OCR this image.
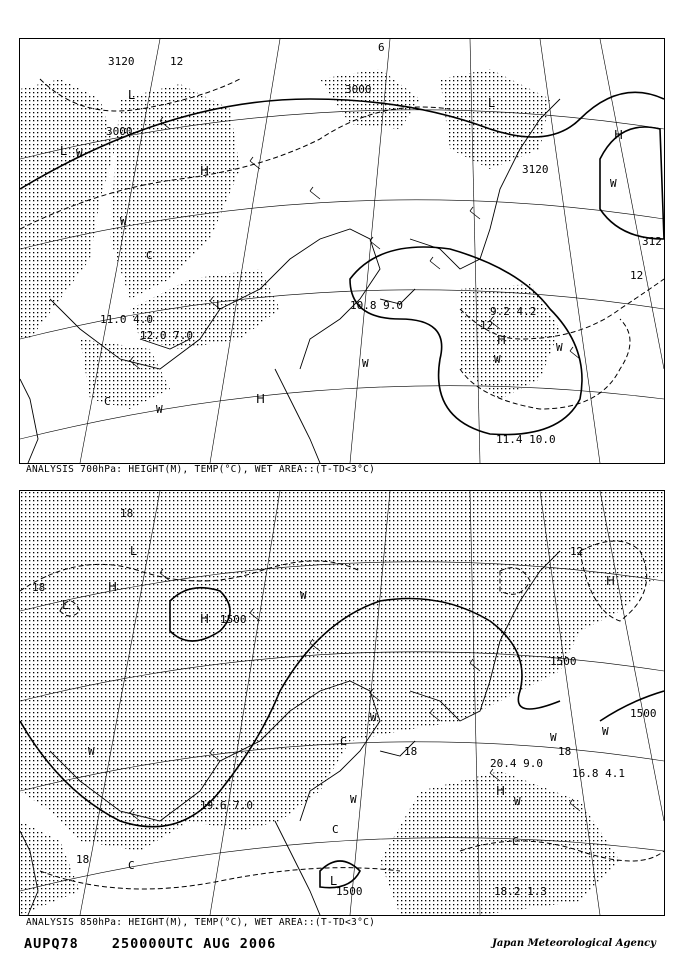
3120
3000
3000
3120
312
12
12
12
6
H
H
H
H
L
L
L
L
W
W
W
W	W
W
W
C
C
11.0 4.0
12.0 7.0
9.2 4.2
11.4 10.0
10.8 9.0
ANALYSIS 700hPa: HEIGHT(M), TEMP(°C), WET AREA::(T-TD<3°C)
1500
1500
1500
1500
18
18
18	18
18
12
H
H	H
H
L
L
L
W
W
W	W
W	W
W
C
C
C
C
19.6 7.0
18.2 1.3
16.8 4.1
20.4 9.0
ANALYSIS 850hPa: HEIGHT(M), TEMP(°C), WET AREA::(T-TD<3°C)
AUPQ78 250000UTC AUG 2006	Japan Meteorological Agency
